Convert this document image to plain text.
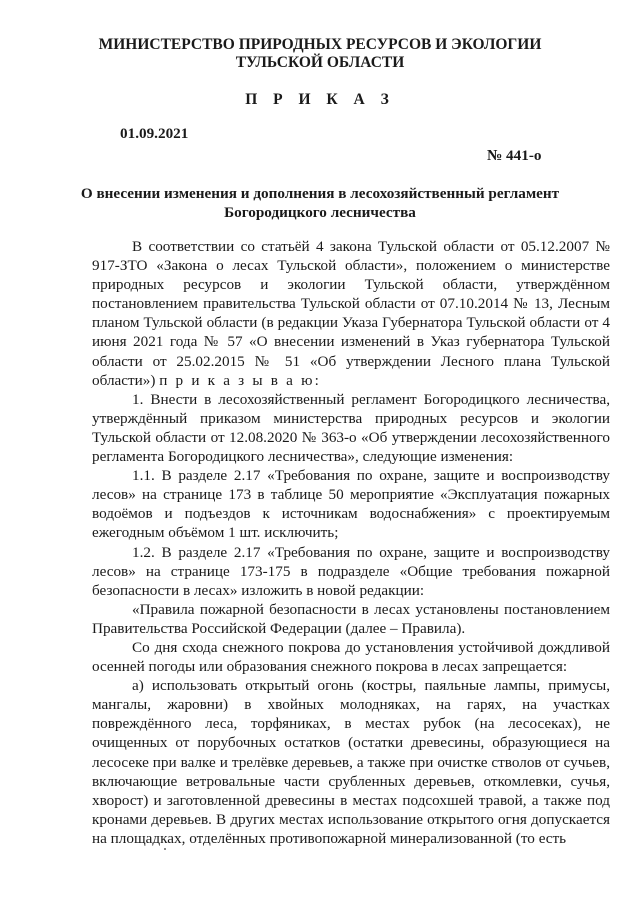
МИНИСТЕРСТВО ПРИРОДНЫХ РЕСУРСОВ И ЭКОЛОГИИ
ТУЛЬСКОЙ ОБЛАСТИ
П Р И К А З
01.09.2021
№ 441-о
О внесении изменения и дополнения в лесохозяйственный регламент
Богородицкого лесничества

В соответствии со статьёй 4 закона Тульской области от 05.12.2007 № 917-ЗТО «Закона о лесах Тульской области», положением о министерстве природных ресурсов и экологии Тульской области, утверждённом постановлением правительства Тульской области от 07.10.2014 № 13, Лесным планом Тульской области (в редакции Указа Губернатора Тульской области от 4 июня 2021 года № 57 «О внесении изменений в Указ губернатора Тульской области от 25.02.2015 № 51 «Об утверждении Лесного плана Тульской области») п р и к а з ы в а ю:

1. Внести в лесохозяйственный регламент Богородицкого лесничества, утверждённый приказом министерства природных ресурсов и экологии Тульской области от 12.08.2020 № 363-о «Об утверждении лесохозяйственного регламента Богородицкого лесничества», следующие изменения:

1.1. В разделе 2.17 «Требования по охране, защите и воспроизводству лесов» на странице 173 в таблице 50 мероприятие «Эксплуатация пожарных водоёмов и подъездов к источникам водоснабжения» с проектируемым ежегодным объёмом 1 шт. исключить;

1.2. В разделе 2.17 «Требования по охране, защите и воспроизводству лесов» на странице 173-175 в подразделе «Общие требования пожарной безопасности в лесах» изложить в новой редакции:

«Правила пожарной безопасности в лесах установлены постановлением Правительства Российской Федерации (далее – Правила).

Со дня схода снежного покрова до установления устойчивой дождливой осенней погоды или образования снежного покрова в лесах запрещается:

а) использовать открытый огонь (костры, паяльные лампы, примусы, мангалы, жаровни) в хвойных молодняках, на гарях, на участках повреждённого леса, торфяниках, в местах рубок (на лесосеках), не очищенных от порубочных остатков (остатки древесины, образующиеся на лесосеке при валке и трелёвке деревьев, а также при очистке стволов от сучьев, включающие ветровальные части срубленных деревьев, откомлевки, сучья, хворост) и заготовленной древесины в местах подсохшей травой, а также под кронами деревьев. В других местах использование открытого огня допускается на площадках, отделённых противопожарной минерализованной (то есть
